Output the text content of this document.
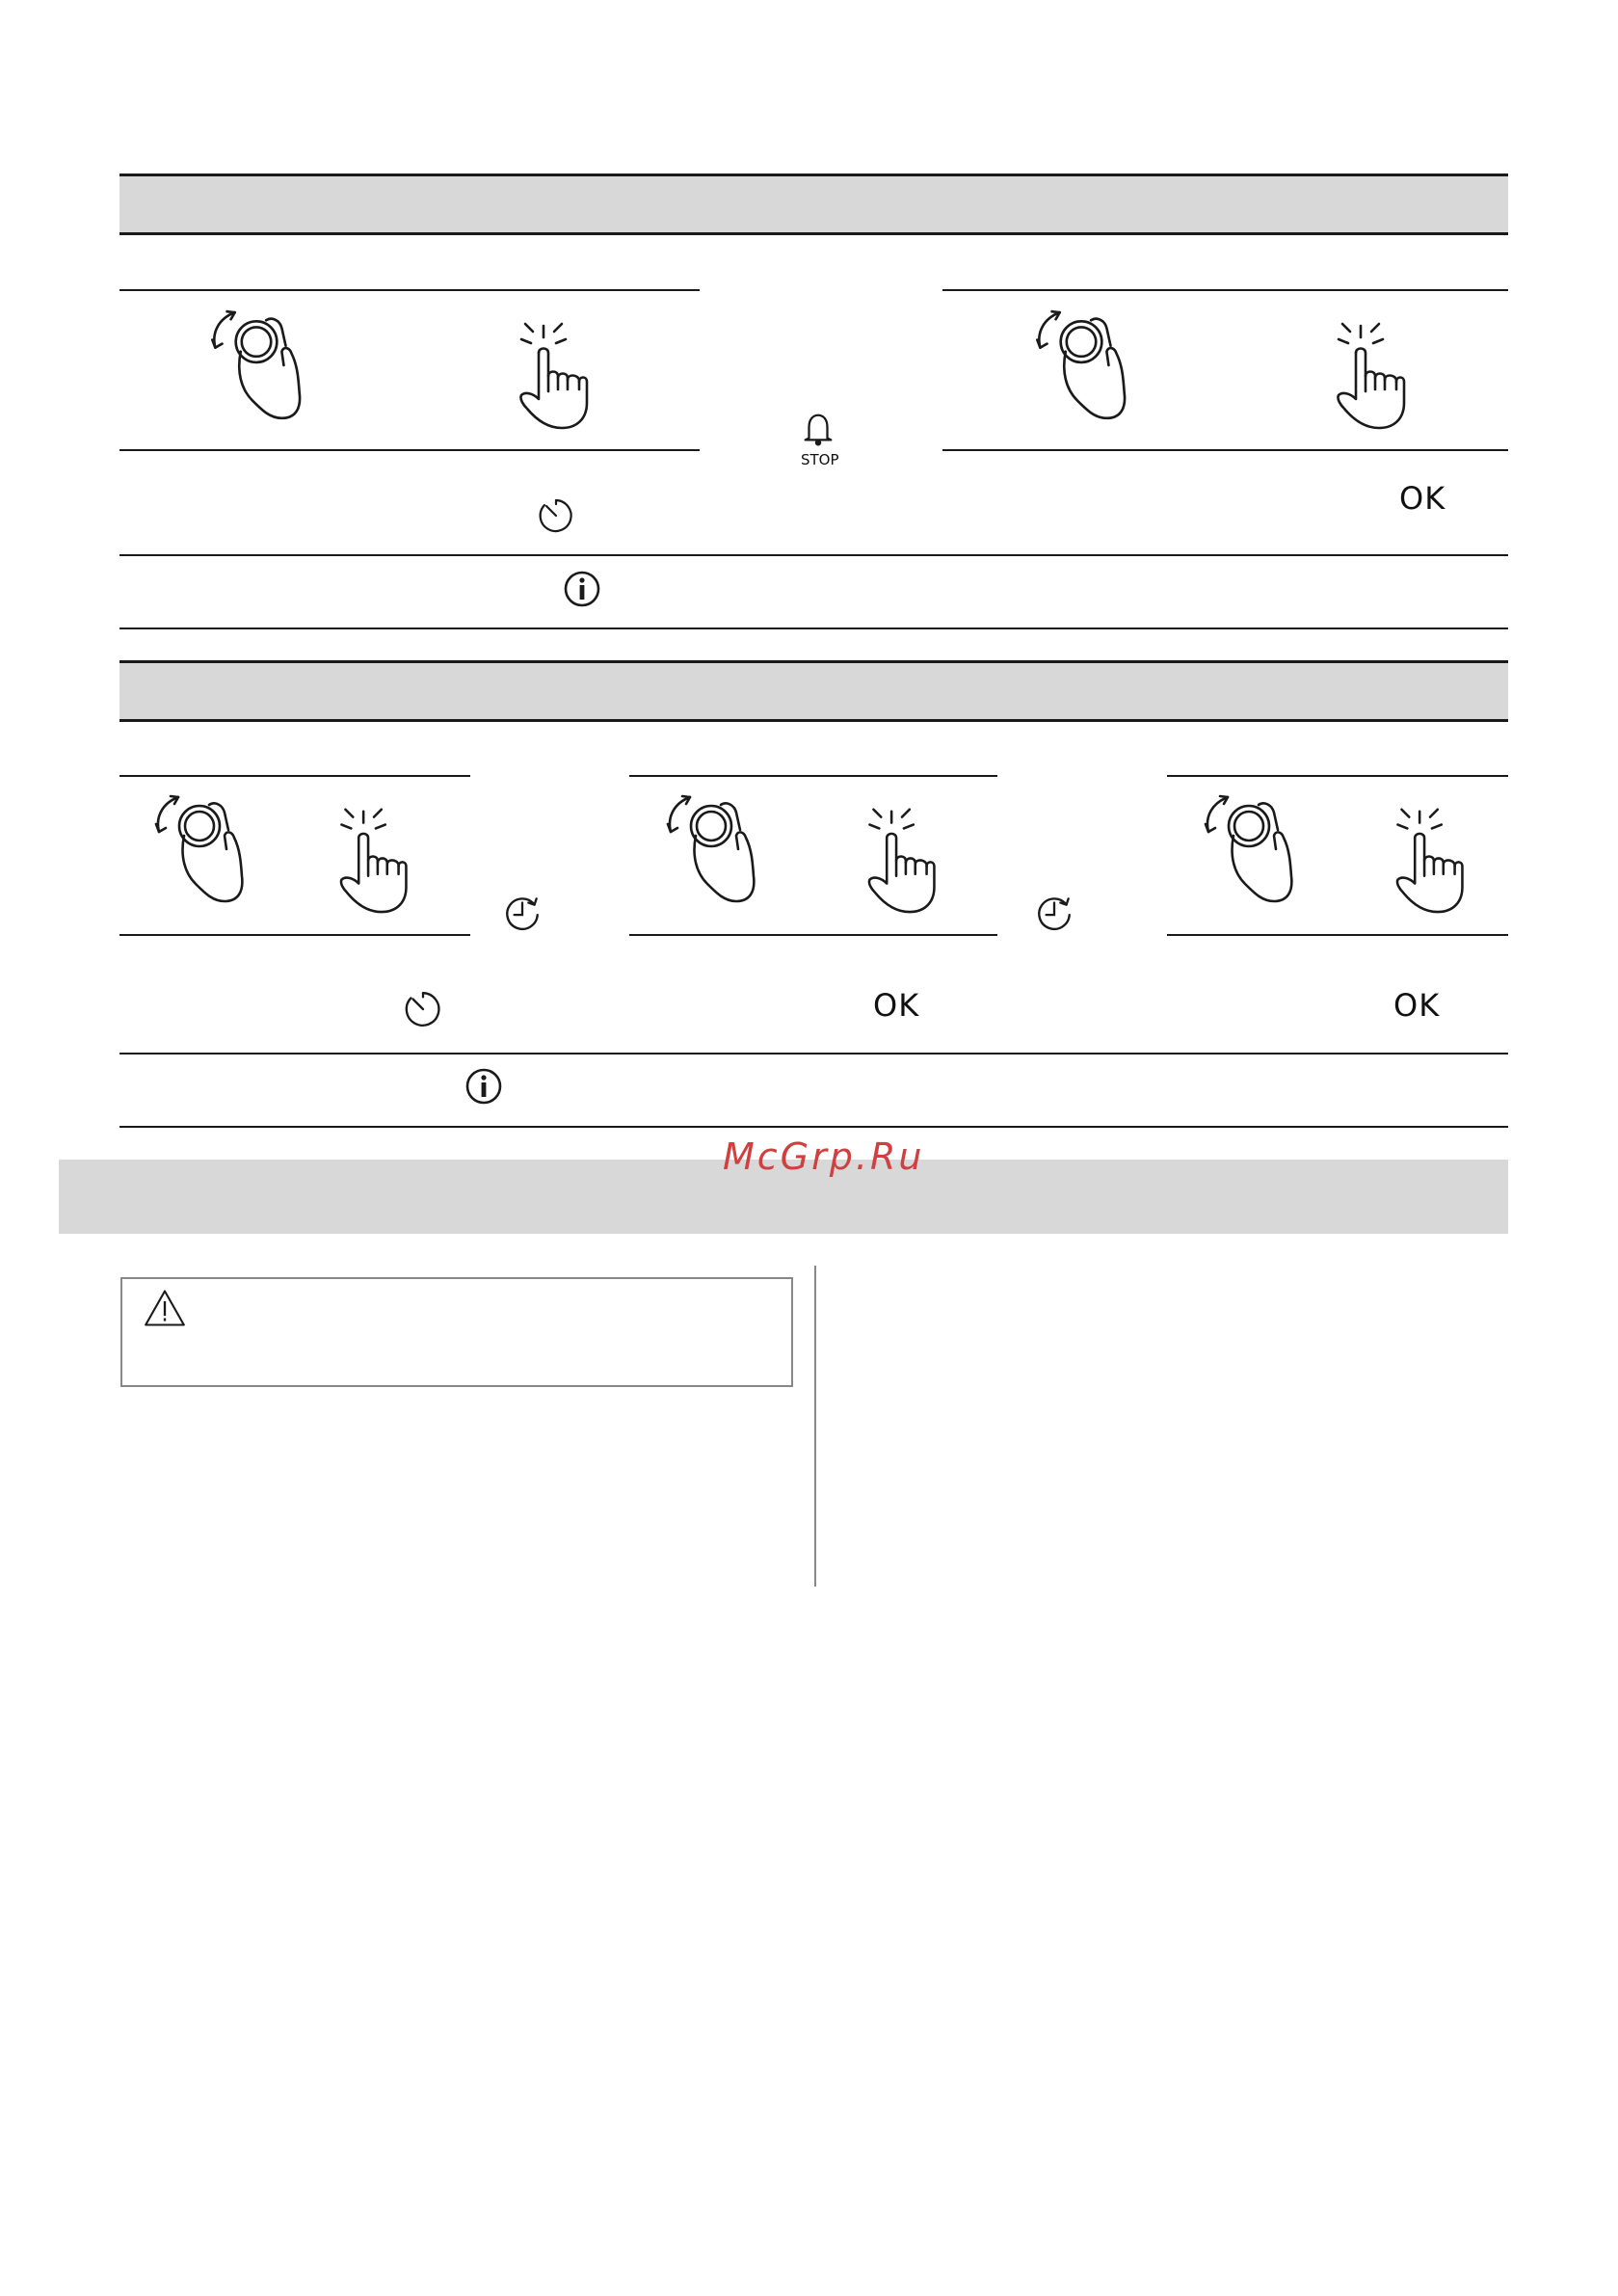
STOP
OK
OK	OK
McGrp.Ru
